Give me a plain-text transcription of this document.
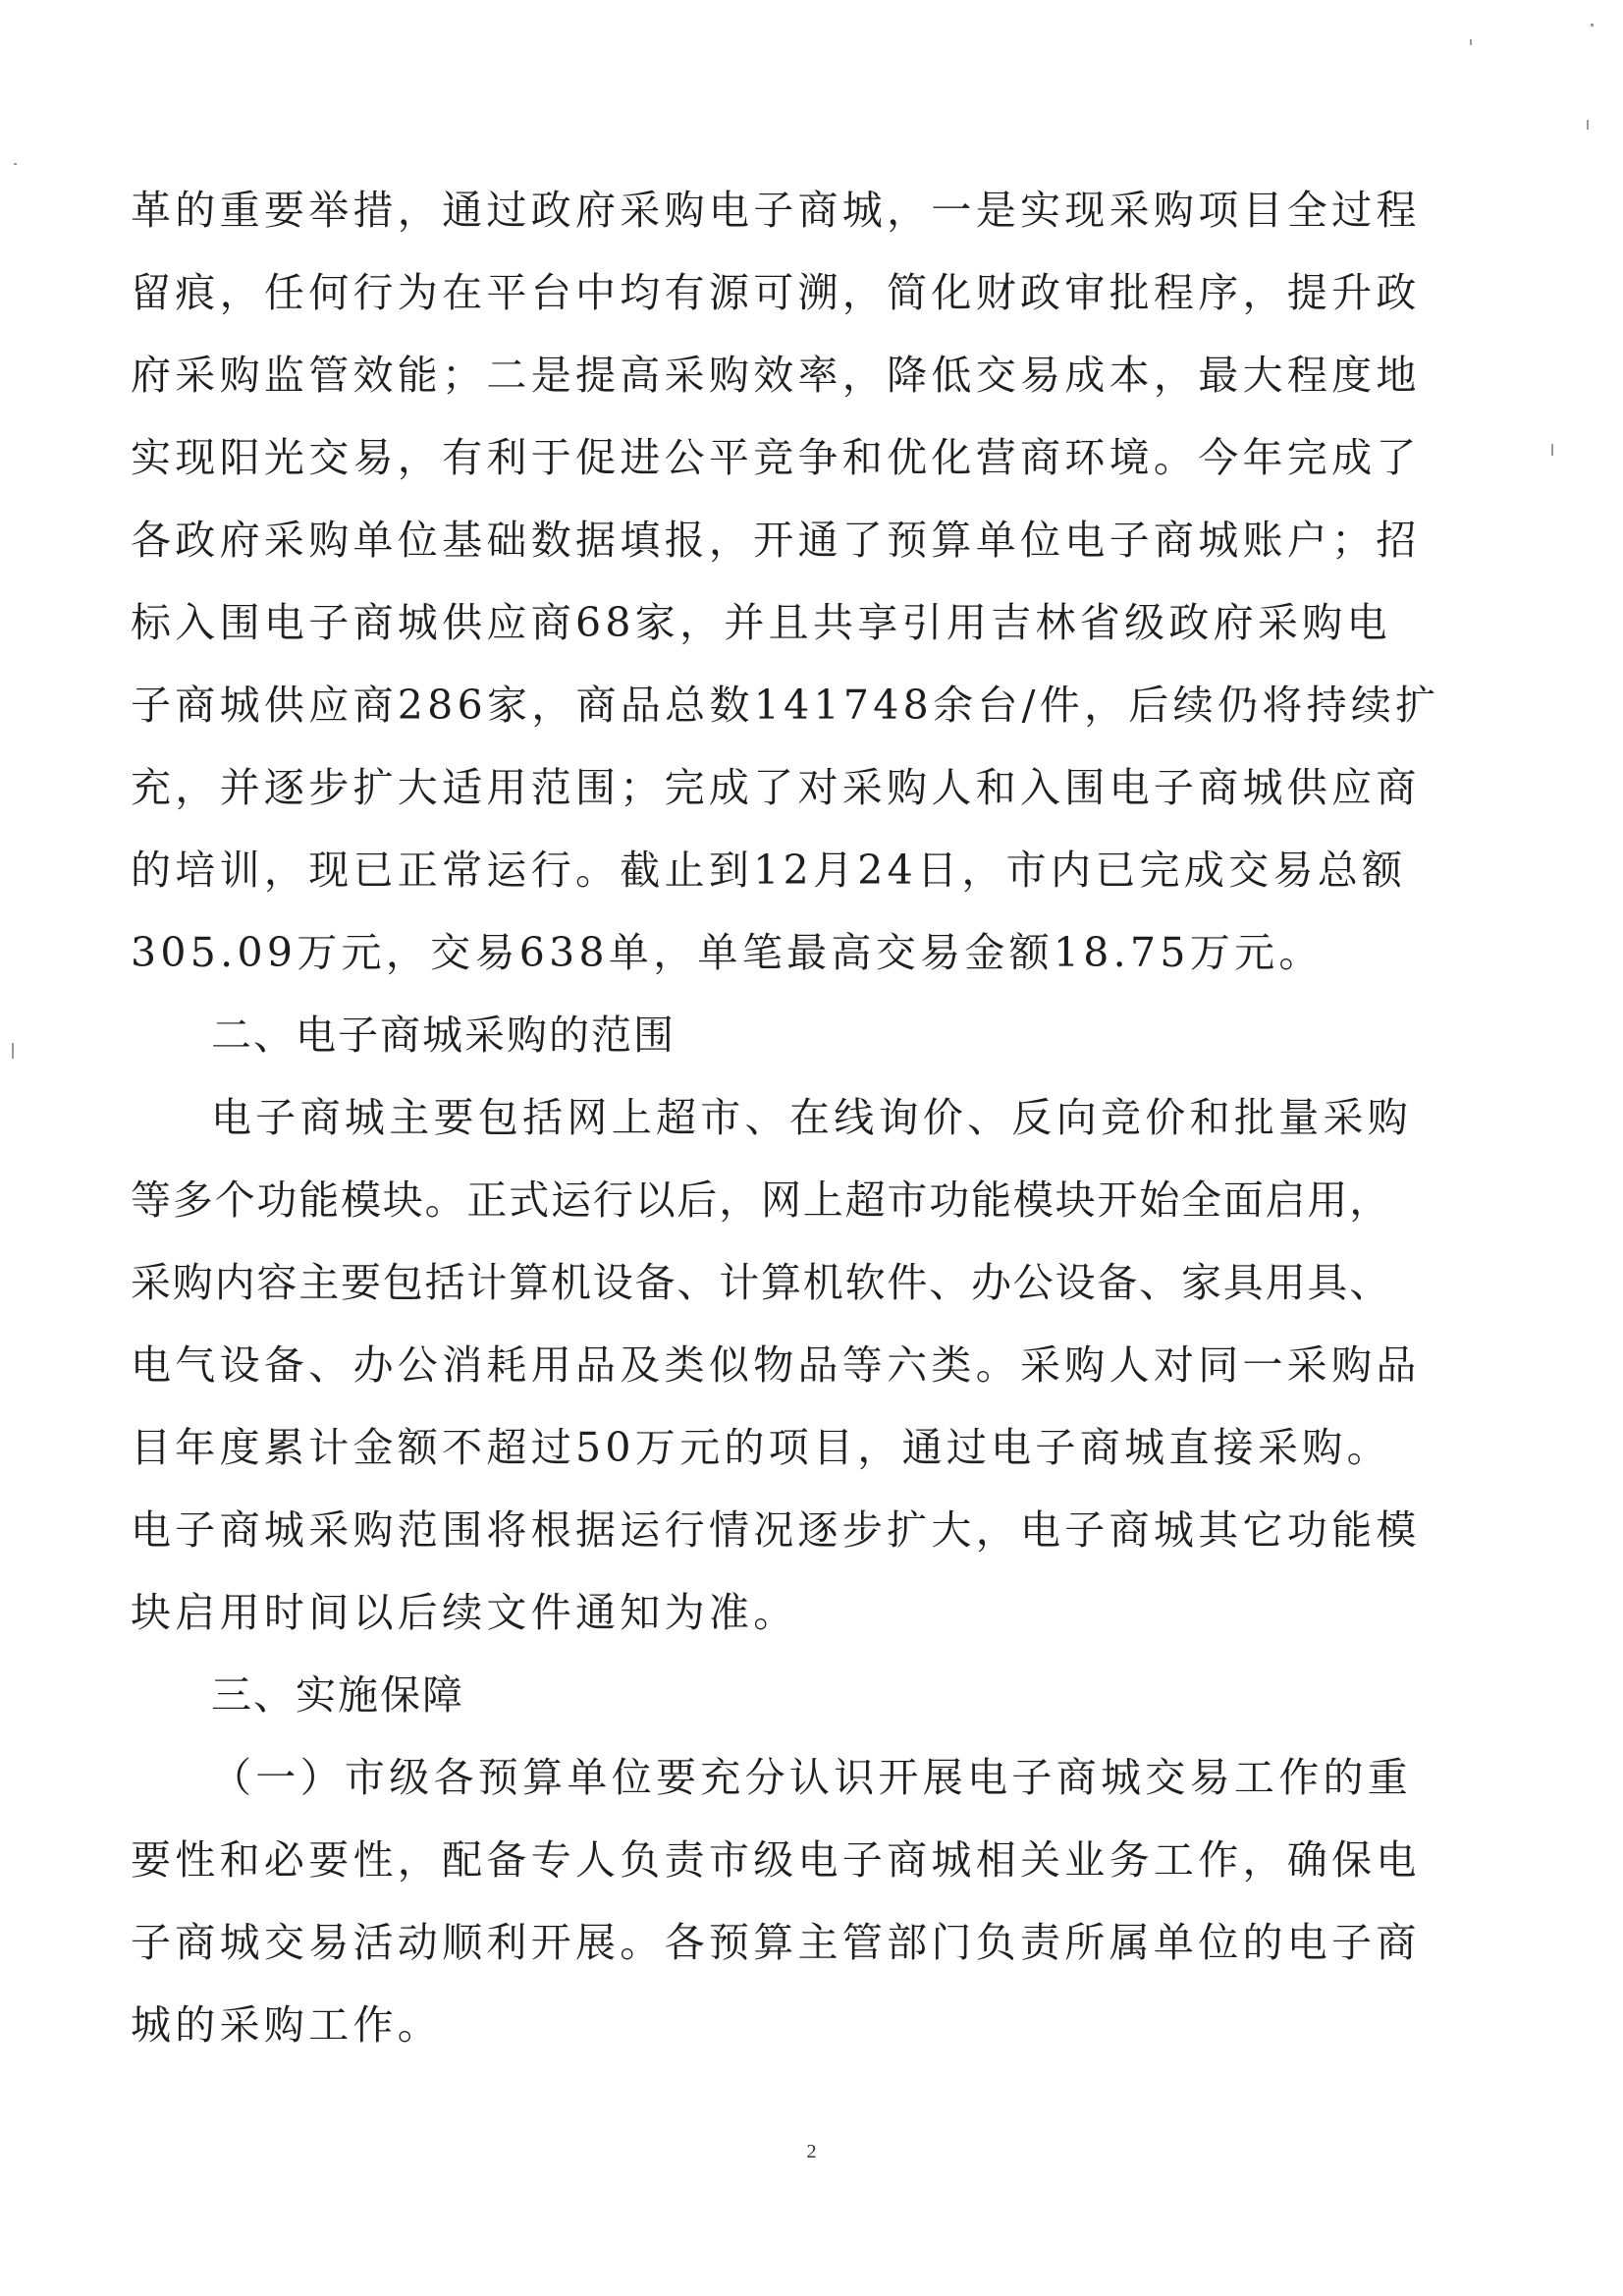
革的重要举措，通过政府采购电子商城，一是实现采购项目全过程
留痕，任何行为在平台中均有源可溯，简化财政审批程序，提升政
府采购监管效能；二是提高采购效率，降低交易成本，最大程度地
实现阳光交易，有利于促进公平竞争和优化营商环境。今年完成了
各政府采购单位基础数据填报，开通了预算单位电子商城账户；招
标入围电子商城供应商68家，并且共享引用吉林省级政府采购电
子商城供应商286家，商品总数141748余台/件，后续仍将持续扩
充，并逐步扩大适用范围；完成了对采购人和入围电子商城供应商
的培训，现已正常运行。截止到12月24日，市内已完成交易总额
305.09万元，交易638单，单笔最高交易金额18.75万元。
二、电子商城采购的范围
电子商城主要包括网上超市、在线询价、反向竞价和批量采购
等多个功能模块。正式运行以后，网上超市功能模块开始全面启用，
采购内容主要包括计算机设备、计算机软件、办公设备、家具用具、
电气设备、办公消耗用品及类似物品等六类。采购人对同一采购品
目年度累计金额不超过50万元的项目，通过电子商城直接采购。
电子商城采购范围将根据运行情况逐步扩大，电子商城其它功能模
块启用时间以后续文件通知为准。
三、实施保障
（一）市级各预算单位要充分认识开展电子商城交易工作的重
要性和必要性，配备专人负责市级电子商城相关业务工作，确保电
子商城交易活动顺利开展。各预算主管部门负责所属单位的电子商
城的采购工作。
2
